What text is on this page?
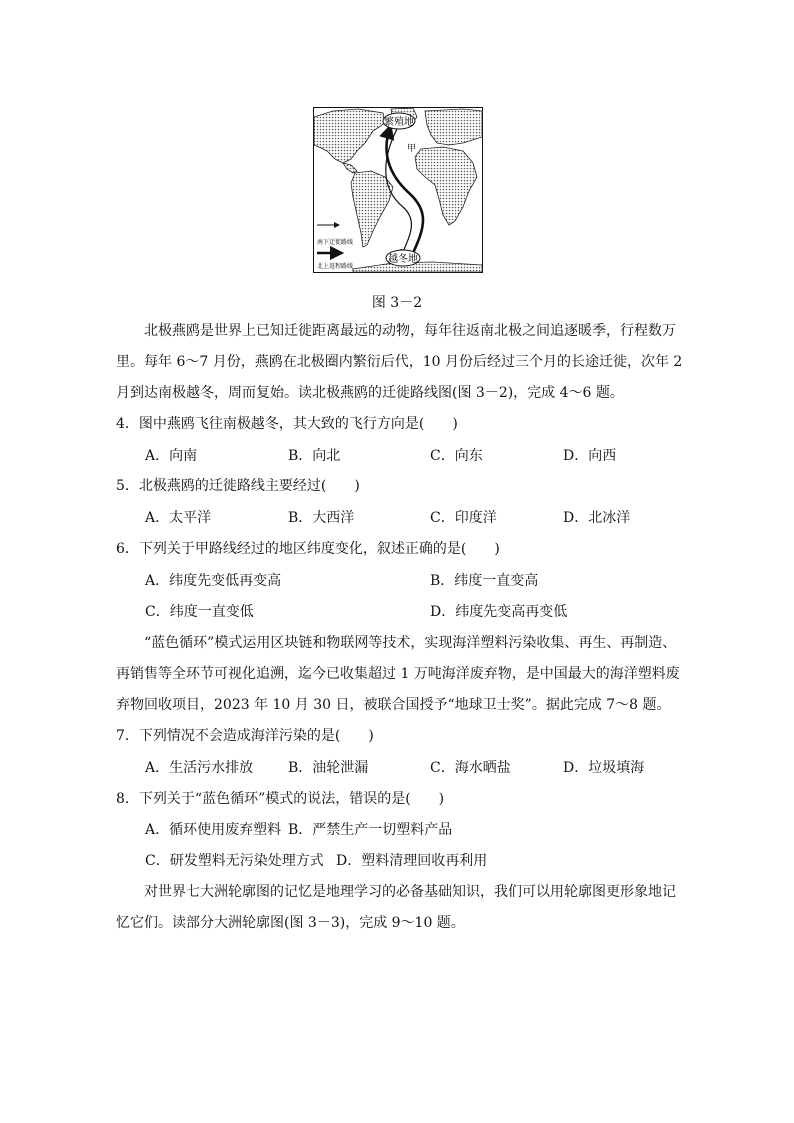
繁殖地
甲
越冬地
南下迁徙路线
北上返程路线
图 3－2
北极燕鸥是世界上已知迁徙距离最远的动物，每年往返南北极之间追逐暖季，行程数万
里。每年 6～7 月份，燕鸥在北极圈内繁衍后代，10 月份后经过三个月的长途迁徙，次年 2
月到达南极越冬，周而复始。读北极燕鸥的迁徙路线图(图 3－2)，完成 4～6 题。
4．图中燕鸥飞往南极越冬，其大致的飞行方向是(　　)
A．向南	B．向北	C．向东	D．向西
5．北极燕鸥的迁徙路线主要经过(　　)
A．太平洋	B．大西洋	C．印度洋	D．北冰洋
6．下列关于甲路线经过的地区纬度变化，叙述正确的是(　　)
A．纬度先变低再变高	B．纬度一直变高
C．纬度一直变低	D．纬度先变高再变低
“蓝色循环”模式运用区块链和物联网等技术，实现海洋塑料污染收集、再生、再制造、
再销售等全环节可视化追溯，迄今已收集超过 1 万吨海洋废弃物，是中国最大的海洋塑料废
弃物回收项目，2023 年 10 月 30 日，被联合国授予“地球卫士奖”。据此完成 7～8 题。
7．下列情况不会造成海洋污染的是(　　)
A．生活污水排放 B．油轮泄漏	C．海水晒盐	D．垃圾填海
8．下列关于“蓝色循环”模式的说法，错误的是(　　)
A．循环使用废弃塑料 B．严禁生产一切塑料产品
C．研发塑料无污染处理方式 D．塑料清理回收再利用
对世界七大洲轮廓图的记忆是地理学习的必备基础知识，我们可以用轮廓图更形象地记
忆它们。读部分大洲轮廓图(图 3－3)，完成 9～10 题。
